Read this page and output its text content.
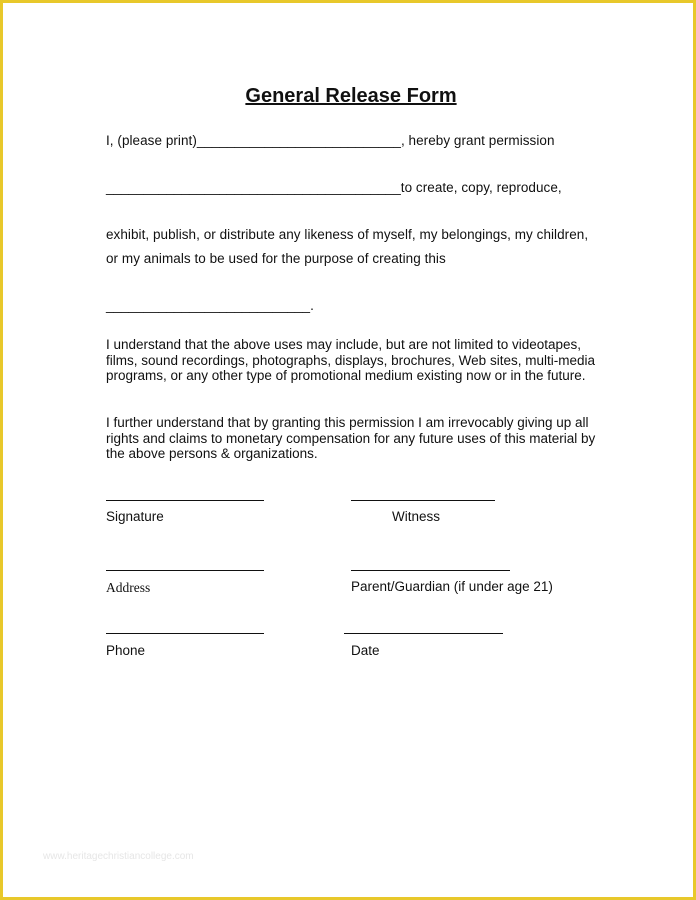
General Release Form
I, (please print)___________________________, hereby grant permission
_______________________________________to create, copy, reproduce,
exhibit, publish, or distribute any likeness of myself, my belongings, my children,
or my animals to be used for the purpose of creating this
___________________________.
I understand that the above uses may include, but are not limited to videotapes, films, sound recordings, photographs, displays, brochures, Web sites, multi-media programs, or any other type of promotional medium existing now or in the future.
I further understand that by granting this permission I am irrevocably giving up all rights and claims to monetary compensation for any future uses of this material by the above persons & organizations.
Signature	Witness
Address	Parent/Guardian (if under age 21)
Phone	Date
www.heritagechristiancollege.com
